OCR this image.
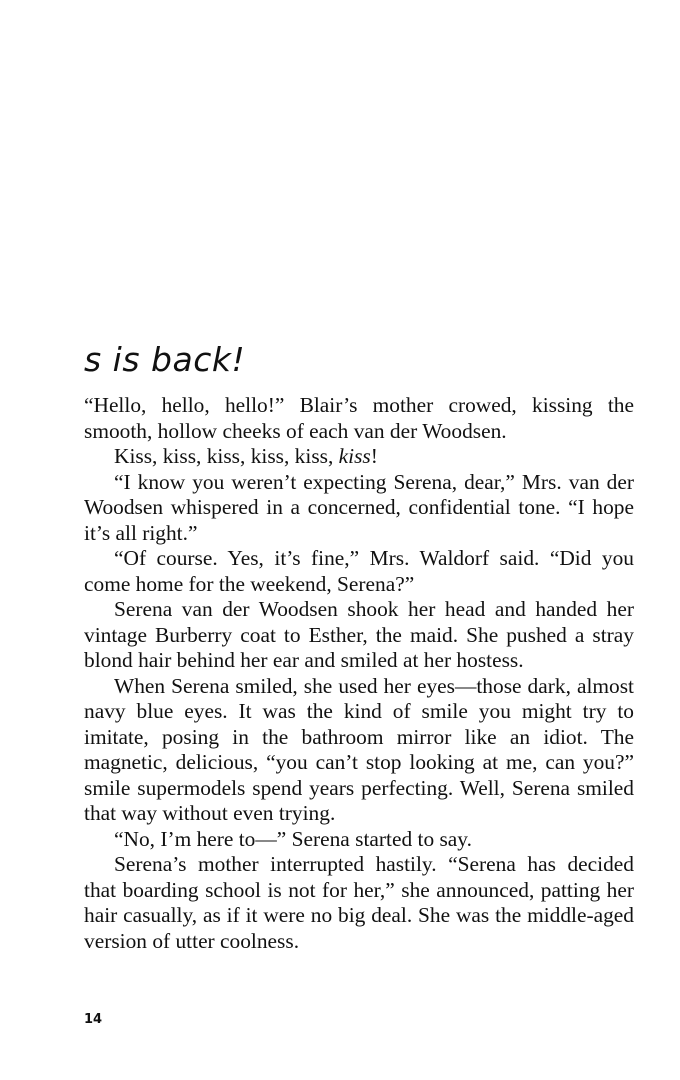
s is back!

“Hello, hello, hello!” Blair’s mother crowed, kissing the smooth, hollow cheeks of each van der Woodsen.

Kiss, kiss, kiss, kiss, kiss, kiss!

“I know you weren’t expecting Serena, dear,” Mrs. van der Woodsen whispered in a concerned, confidential tone. “I hope it’s all right.”

“Of course. Yes, it’s fine,” Mrs. Waldorf said. “Did you come home for the weekend, Serena?”

Serena van der Woodsen shook her head and handed her vintage Burberry coat to Esther, the maid. She pushed a stray blond hair behind her ear and smiled at her hostess.

When Serena smiled, she used her eyes—those dark, almost navy blue eyes. It was the kind of smile you might try to imitate, posing in the bathroom mirror like an idiot. The magnetic, delicious, “you can’t stop looking at me, can you?” smile supermodels spend years perfecting. Well, Serena smiled that way without even trying.

“No, I’m here to—” Serena started to say.

Serena’s mother interrupted hastily. “Serena has decided that boarding school is not for her,” she announced, patting her hair casually, as if it were no big deal. She was the middle-aged version of utter coolness.

14
